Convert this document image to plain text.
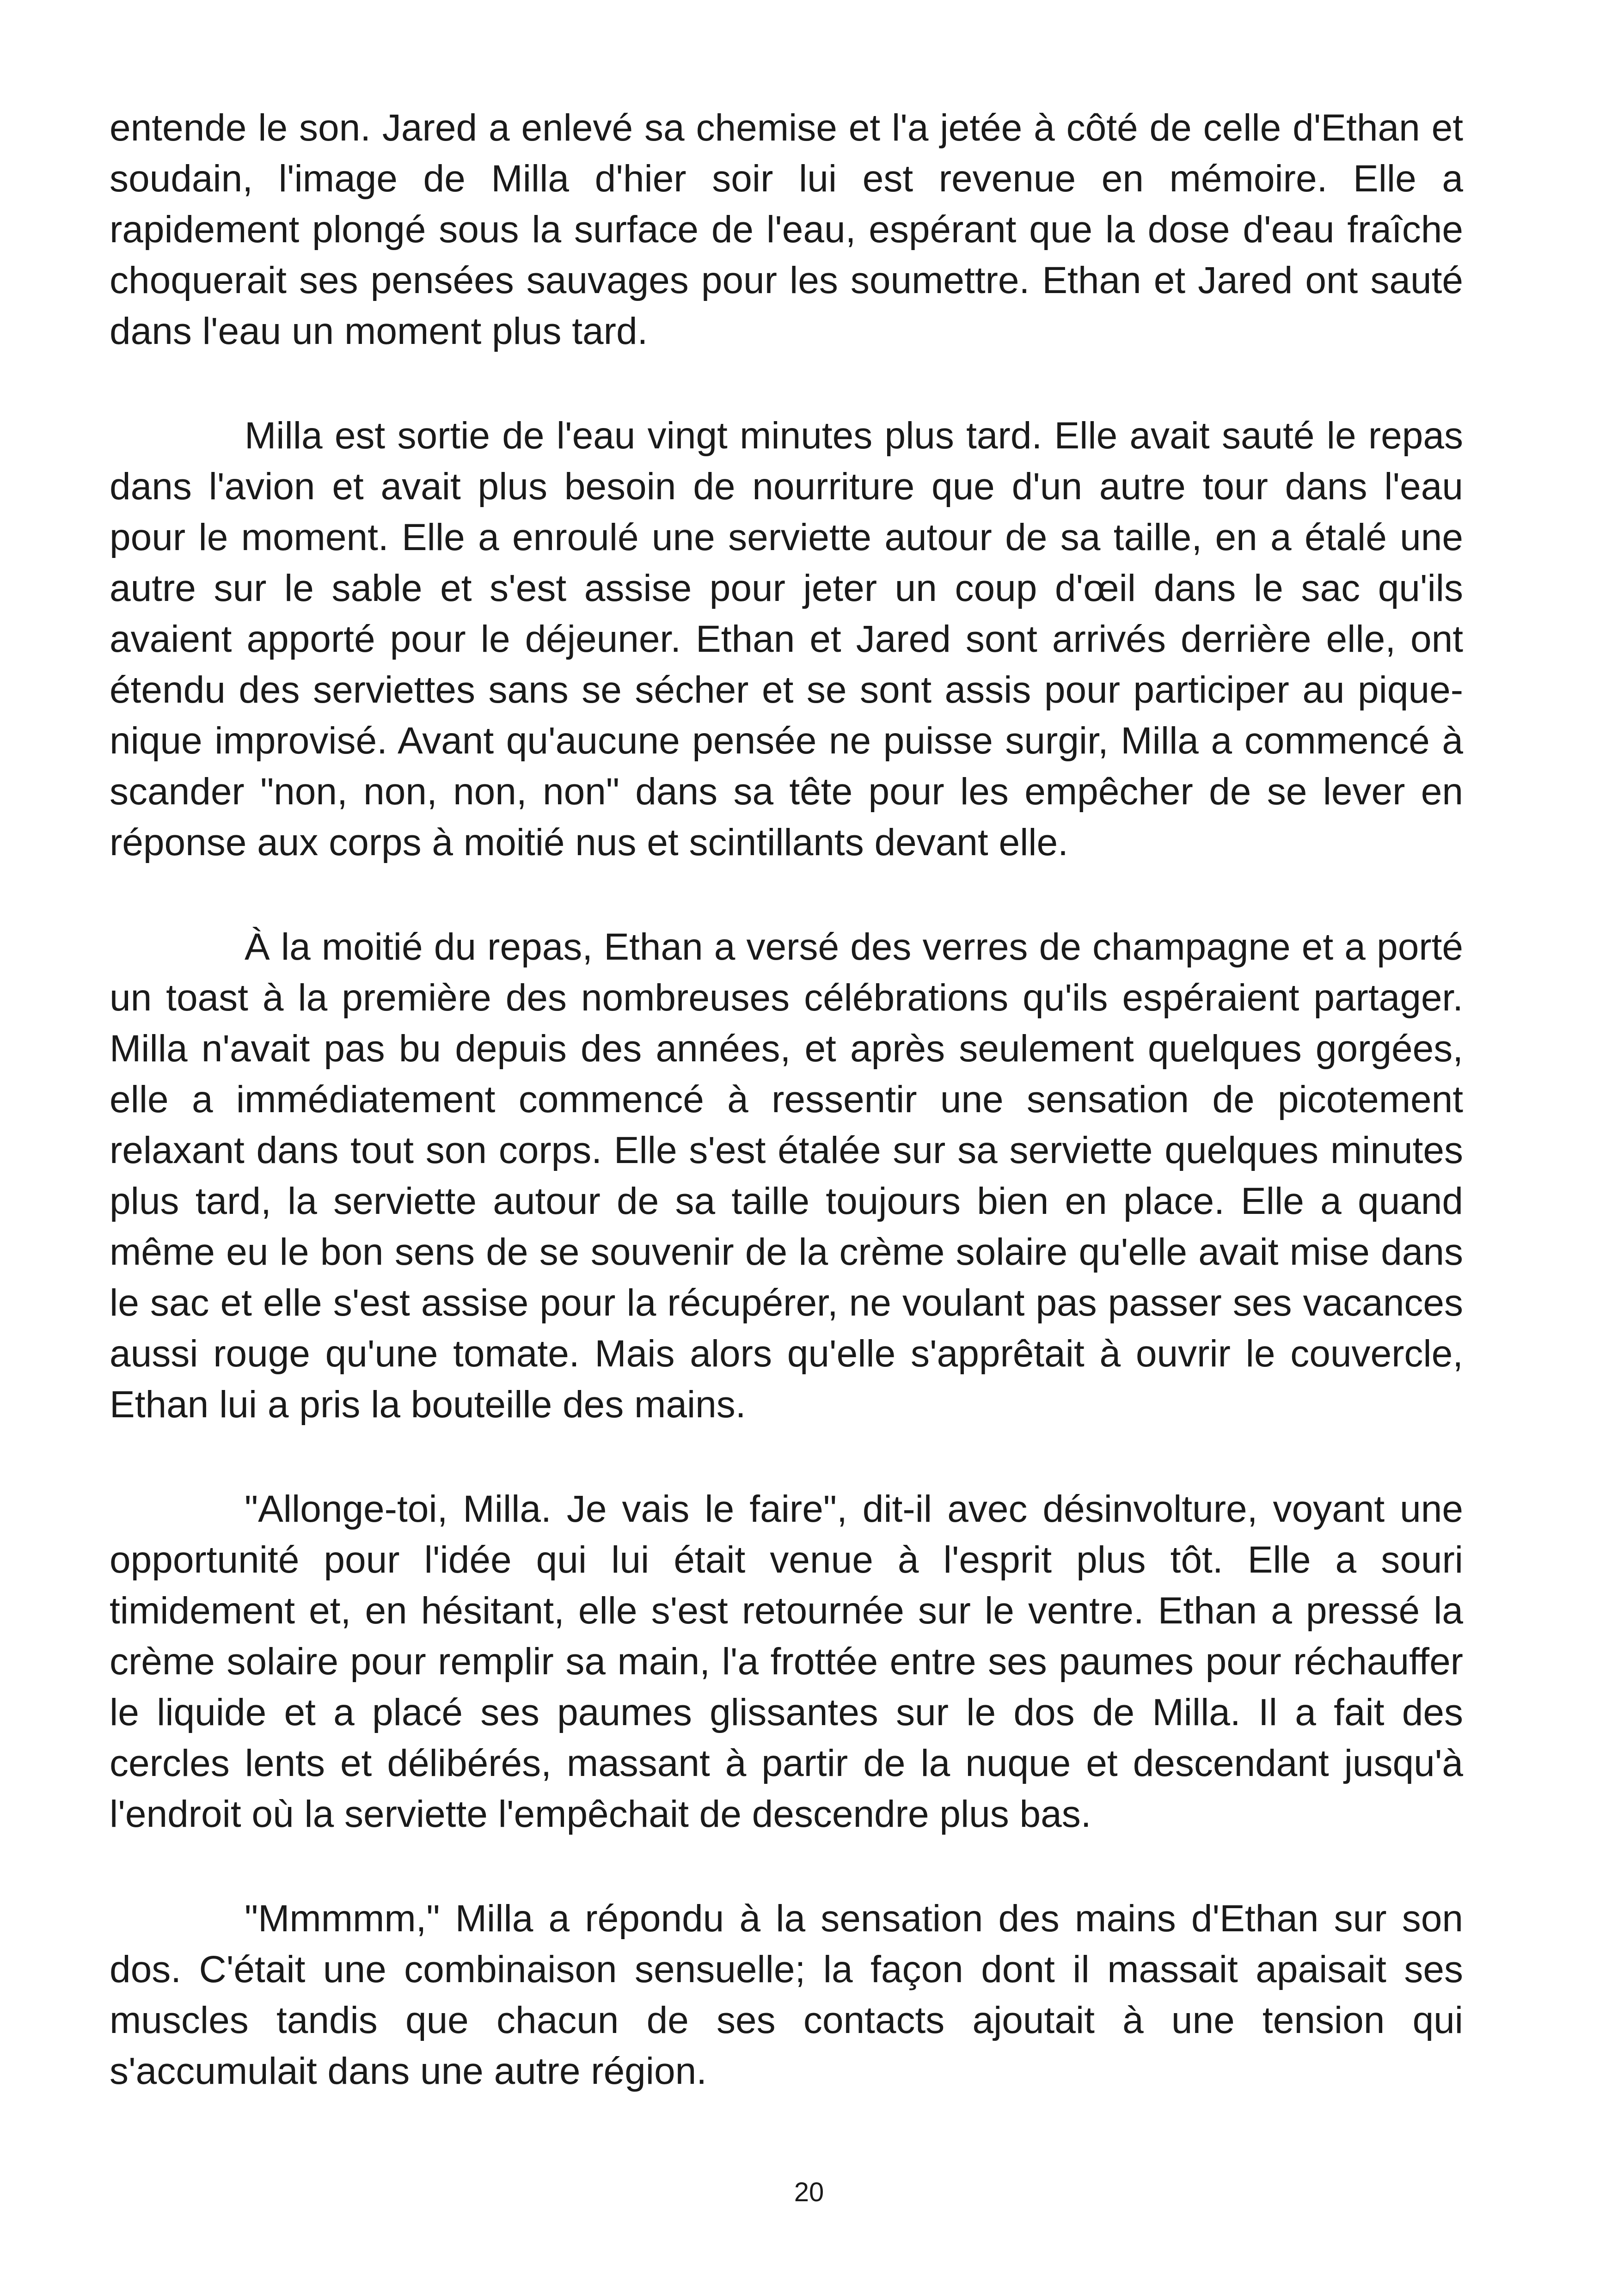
entende le son. Jared a enlevé sa chemise et l'a jetée à côté de celle d'Ethan et soudain, l'image de Milla d'hier soir lui est revenue en mémoire. Elle a rapidement plongé sous la surface de l'eau, espérant que la dose d'eau fraîche choquerait ses pensées sauvages pour les soumettre. Ethan et Jared ont sauté dans l'eau un moment plus tard.

Milla est sortie de l'eau vingt minutes plus tard. Elle avait sauté le repas dans l'avion et avait plus besoin de nourriture que d'un autre tour dans l'eau pour le moment. Elle a enroulé une serviette autour de sa taille, en a étalé une autre sur le sable et s'est assise pour jeter un coup d'œil dans le sac qu'ils avaient apporté pour le déjeuner. Ethan et Jared sont arrivés derrière elle, ont étendu des serviettes sans se sécher et se sont assis pour participer au pique-nique improvisé. Avant qu'aucune pensée ne puisse surgir, Milla a commencé à scander "non, non, non, non" dans sa tête pour les empêcher de se lever en réponse aux corps à moitié nus et scintillants devant elle.

À la moitié du repas, Ethan a versé des verres de champagne et a porté un toast à la première des nombreuses célébrations qu'ils espéraient partager. Milla n'avait pas bu depuis des années, et après seulement quelques gorgées, elle a immédiatement commencé à ressentir une sensation de picotement relaxant dans tout son corps. Elle s'est étalée sur sa serviette quelques minutes plus tard, la serviette autour de sa taille toujours bien en place. Elle a quand même eu le bon sens de se souvenir de la crème solaire qu'elle avait mise dans le sac et elle s'est assise pour la récupérer, ne voulant pas passer ses vacances aussi rouge qu'une tomate. Mais alors qu'elle s'apprêtait à ouvrir le couvercle, Ethan lui a pris la bouteille des mains.

"Allonge-toi, Milla. Je vais le faire", dit-il avec désinvolture, voyant une opportunité pour l'idée qui lui était venue à l'esprit plus tôt. Elle a souri timidement et, en hésitant, elle s'est retournée sur le ventre. Ethan a pressé la crème solaire pour remplir sa main, l'a frottée entre ses paumes pour réchauffer le liquide et a placé ses paumes glissantes sur le dos de Milla. Il a fait des cercles lents et délibérés, massant à partir de la nuque et descendant jusqu'à l'endroit où la serviette l'empêchait de descendre plus bas.

"Mmmmm," Milla a répondu à la sensation des mains d'Ethan sur son dos. C'était une combinaison sensuelle; la façon dont il massait apaisait ses muscles tandis que chacun de ses contacts ajoutait à une tension qui s'accumulait dans une autre région.

20
